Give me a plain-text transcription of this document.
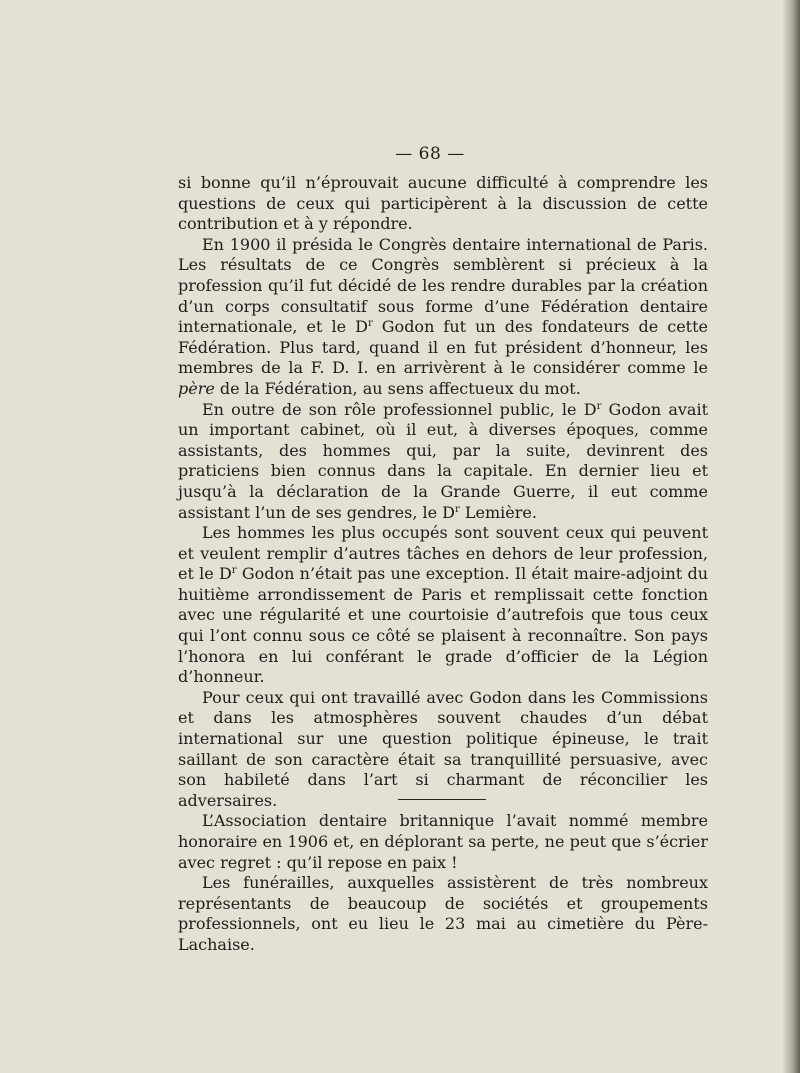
— 68 —

si bonne qu’il n’éprouvait aucune difficulté à comprendre les questions de ceux qui participèrent à la discussion de cette contribution et à y répondre.

En 1900 il présida le Congrès dentaire international de Paris. Les résultats de ce Congrès semblèrent si précieux à la profession qu’il fut décidé de les rendre durables par la création d’un corps consultatif sous forme d’une Fédération dentaire internationale, et le $D^r$ Godon fut un des fondateurs de cette Fédération. Plus tard, quand il en fut président d’honneur, les membres de la F. D. I. en arrivèrent à le considérer comme le père de la Fédération, au sens affectueux du mot.

En outre de son rôle professionnel public, le $D^r$ Godon avait un important cabinet, où il eut, à diverses époques, comme assistants, des hommes qui, par la suite, devinrent des praticiens bien connus dans la capitale. En dernier lieu et jusqu’à la déclaration de la Grande Guerre, il eut comme assistant l’un de ses gendres, le $D^r$ Lemière.

Les hommes les plus occupés sont souvent ceux qui peuvent et veulent remplir d’autres tâches en dehors de leur profession, et le $D^r$ Godon n’était pas une exception. Il était maire-adjoint du huitième arrondissement de Paris et remplissait cette fonction avec une régularité et une courtoisie d’autrefois que tous ceux qui l’ont connu sous ce côté se plaisent à reconnaître. Son pays l’honora en lui conférant le grade d’officier de la Légion d’honneur.

Pour ceux qui ont travaillé avec Godon dans les Commissions et dans les atmosphères souvent chaudes d’un débat international sur une question politique épineuse, le trait saillant de son caractère était sa tranquillité persuasive, avec son habileté dans l’art si charmant de réconcilier les adversaires.

L’Association dentaire britannique l’avait nommé membre honoraire en 1906 et, en déplorant sa perte, ne peut que s’écrier avec regret : qu’il repose en paix !

Les funérailles, auxquelles assistèrent de très nombreux représentants de beaucoup de sociétés et groupements professionnels, ont eu lieu le 23 mai au cimetière du Père-Lachaise.
